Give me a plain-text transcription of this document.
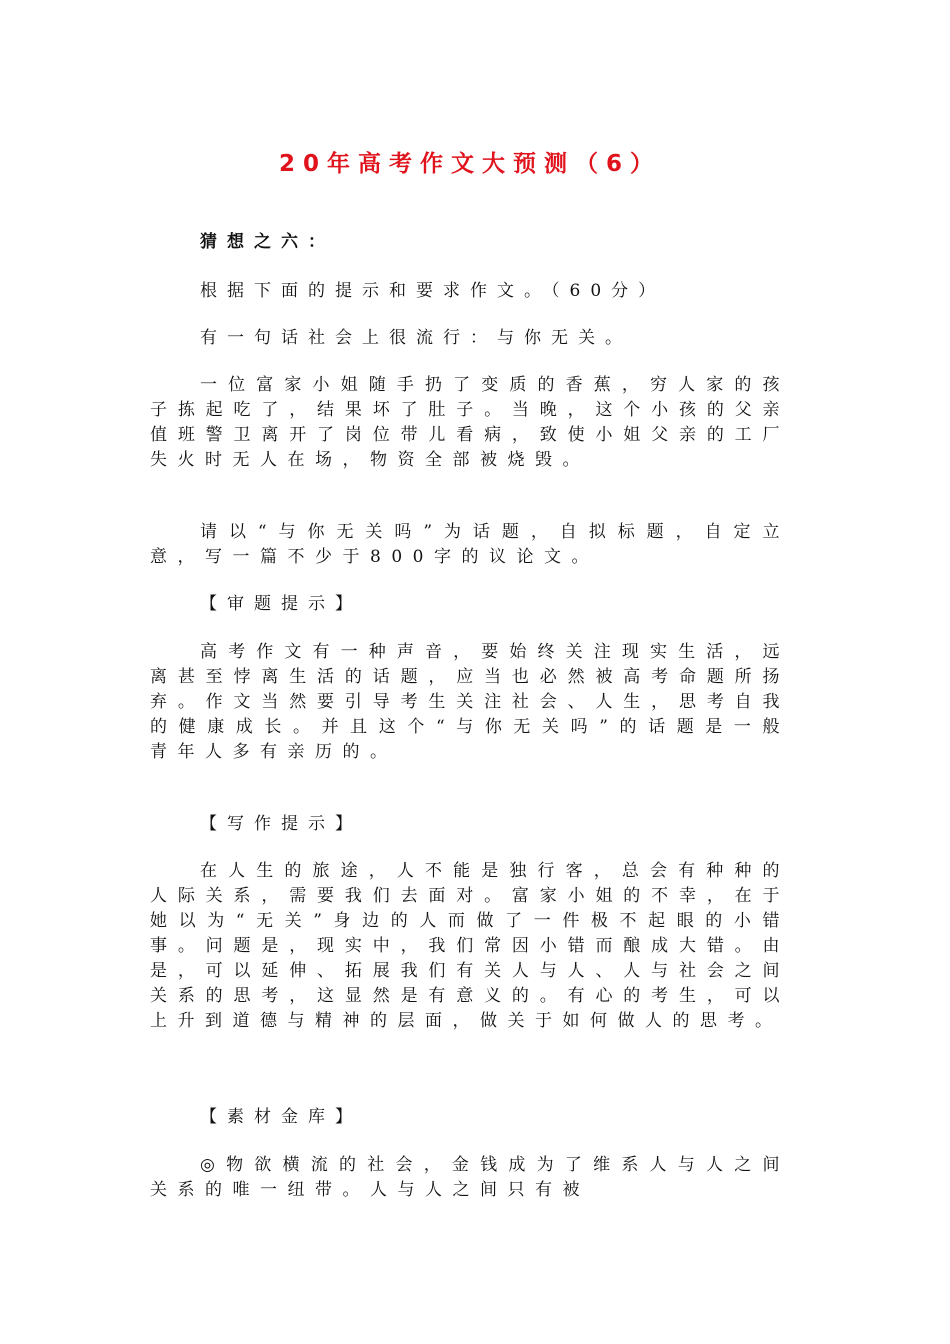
20年高考作文大预测（6）
猜想之六：
根据下面的提示和要求作文。（60分）
有一句话社会上很流行：与你无关。
一位富家小姐随手扔了变质的香蕉，穷人家的孩子拣起吃了，结果坏了肚子。当晚，这个小孩的父亲值班警卫离开了岗位带儿看病，致使小姐父亲的工厂失火时无人在场，物资全部被烧毁。
请以“与你无关吗”为话题，自拟标题，自定立意，写一篇不少于800字的议论文。
【审题提示】
高考作文有一种声音，要始终关注现实生活，远离甚至悖离生活的话题，应当也必然被高考命题所扬弃。作文当然要引导考生关注社会、人生，思考自我的健康成长。并且这个“与你无关吗”的话题是一般青年人多有亲历的。
【写作提示】
在人生的旅途，人不能是独行客，总会有种种的人际关系，需要我们去面对。富家小姐的不幸，在于她以为“无关”身边的人而做了一件极不起眼的小错事。问题是，现实中，我们常因小错而酿成大错。由是，可以延伸、拓展我们有关人与人、人与社会之间关系的思考，这显然是有意义的。有心的考生，可以上升到道德与精神的层面，做关于如何做人的思考。
【素材金库】
◎物欲横流的社会，金钱成为了维系人与人之间关系的唯一纽带。人与人之间只有被
